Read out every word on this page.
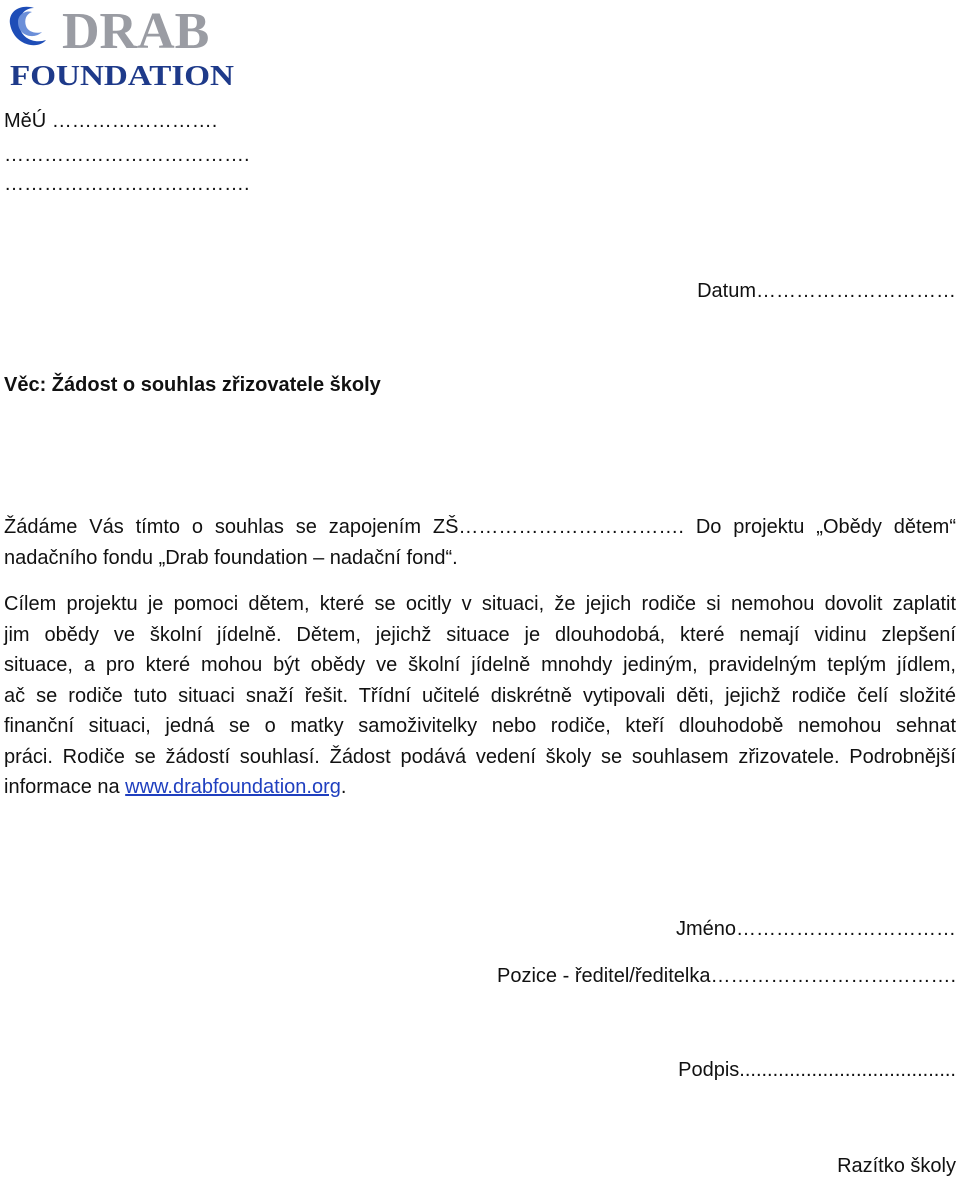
DRAB
FOUNDATION
MěÚ …………………….
……………………………….
……………………………….
Datum…………………………
Věc: Žádost o souhlas zřizovatele školy
Žádáme Vás tímto o souhlas se zapojením ZŠ……………………………. Do projektu „Obědy dětem“
nadačního fondu „Drab foundation – nadační fond“.
Cílem projektu je pomoci dětem, které se ocitly v situaci, že jejich rodiče si nemohou dovolit zaplatit
jim obědy ve školní jídelně. Dětem, jejichž situace je dlouhodobá, které nemají vidinu zlepšení
situace, a pro které mohou být obědy ve školní jídelně mnohdy jediným, pravidelným teplým jídlem,
ač se rodiče tuto situaci snaží řešit. Třídní učitelé diskrétně vytipovali děti, jejichž rodiče čelí složité
finanční situaci, jedná se o matky samoživitelky nebo rodiče, kteří dlouhodobě nemohou sehnat
práci. Rodiče se žádostí souhlasí. Žádost podává vedení školy se souhlasem zřizovatele. Podrobnější
informace na www.drabfoundation.org.
Jméno……………………………
Pozice - ředitel/ředitelka……………………………….
Podpis.......................................
Razítko školy
